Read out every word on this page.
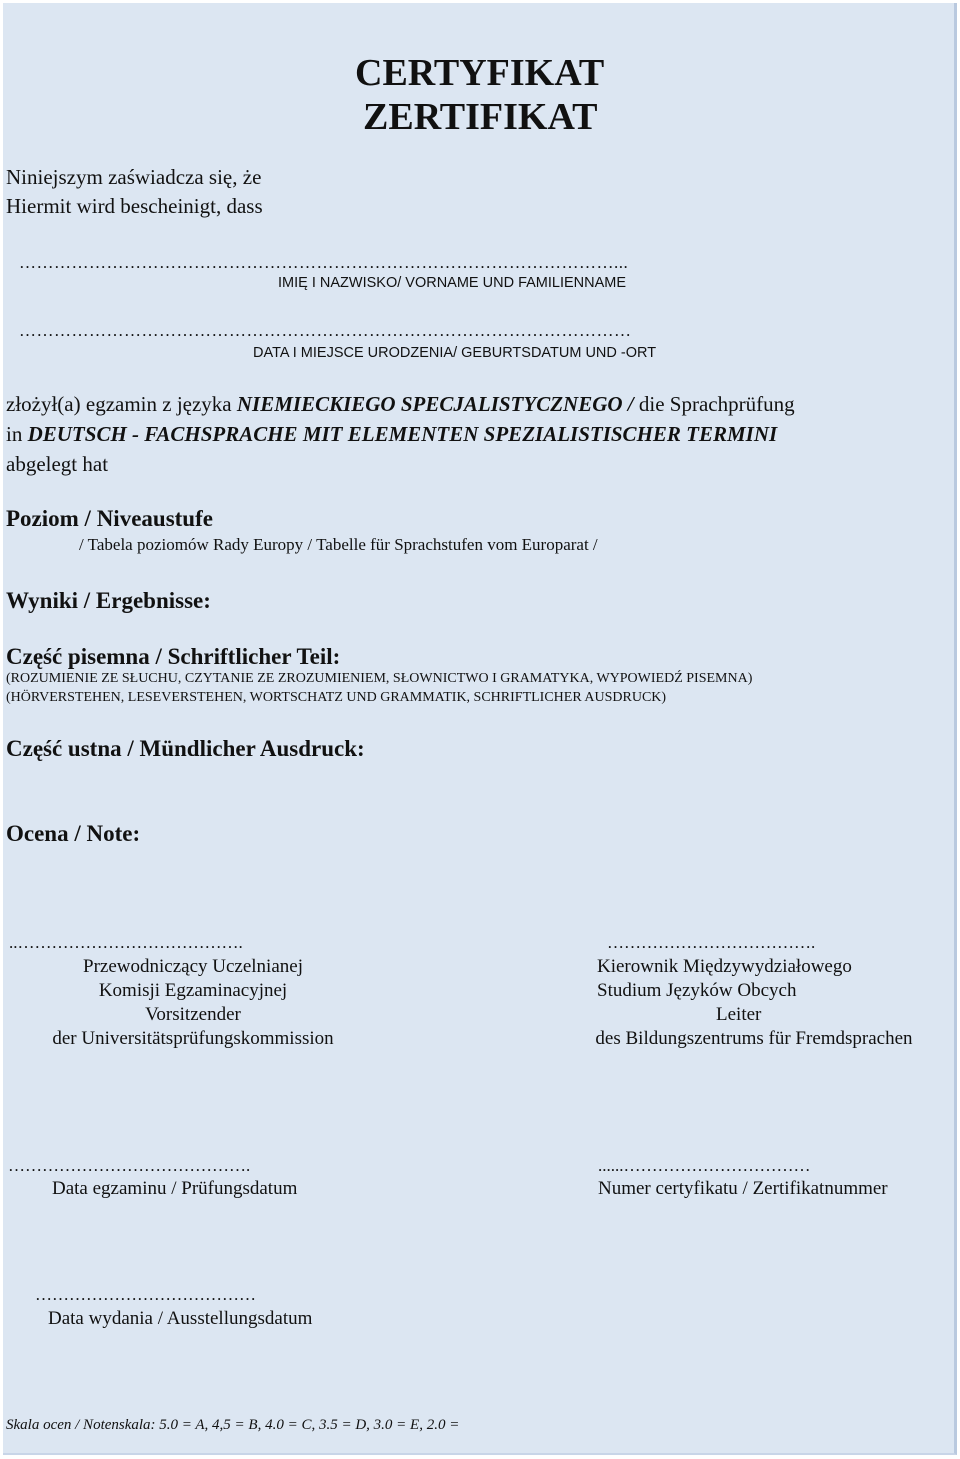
CERTYFIKAT
ZERTIFIKAT
Niniejszym zaświadcza się, że
Hiermit wird bescheinigt, dass
…………………………………………………………………………………………...
IMIĘ I NAZWISKO/ VORNAME UND FAMILIENNAME
……………………………………………………………………………………………
DATA I MIEJSCE URODZENIA/ GEBURTSDATUM UND -ORT
złożył(a) egzamin z języka NIEMIECKIEGO SPECJALISTYCZNEGO / die Sprachprüfung
in DEUTSCH - FACHSPRACHE MIT ELEMENTEN SPEZIALISTISCHER TERMINI
abgelegt hat
Poziom / Niveaustufe
/ Tabela poziomów Rady Europy / Tabelle für Sprachstufen vom Europarat /
Wyniki / Ergebnisse:
Część pisemna / Schriftlicher Teil:
(ROZUMIENIE ZE SŁUCHU, CZYTANIE ZE ZROZUMIENIEM, SŁOWNICTWO I GRAMATYKA, WYPOWIEDŹ PISEMNA)
(HÖRVERSTEHEN, LESEVERSTEHEN, WORTSCHATZ UND GRAMMATIK, SCHRIFTLICHER AUSDRUCK)
Część ustna / Mündlicher Ausdruck:
Ocena / Note:
..………………………………….
Przewodniczący Uczelnianej
Komisji Egzaminacyjnej
Vorsitzender
der Universitätsprüfungskommission
……………………………….
Kierownik Międzywydziałowego
Studium Języków Obcych
Leiter
des Bildungszentrums für Fremdsprachen
…………………………………….
Data egzaminu / Prüfungsdatum
......……………………………
Numer certyfikatu / Zertifikatnummer
…………………………………
Data wydania / Ausstellungsdatum
Skala ocen / Notenskala: 5.0 = A, 4,5 = B, 4.0 = C, 3.5 = D, 3.0 = E, 2.0 =
